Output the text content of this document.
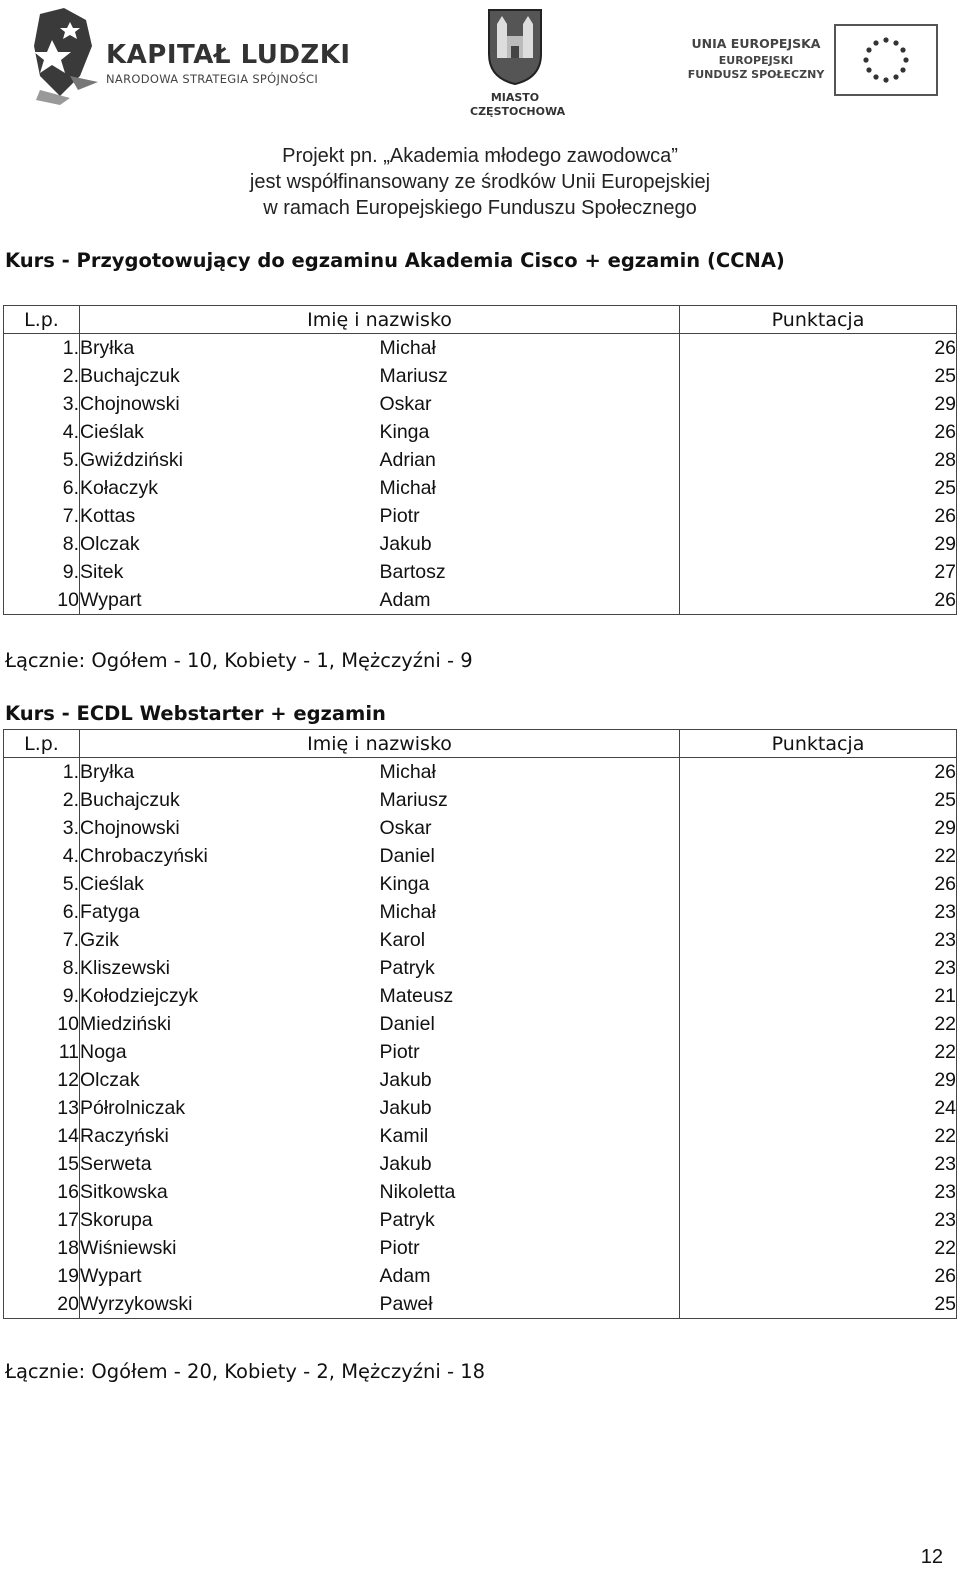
KAPITAŁ LUDZKI
NARODOWA STRATEGIA SPÓJNOŚCI
MIASTO
CZĘSTOCHOWA
UNIA EUROPEJSKA
EUROPEJSKI
FUNDUSZ SPOŁECZNY
Projekt pn. „Akademia młodego zawodowca”
jest współfinansowany ze środków Unii Europejskiej
w ramach Europejskiego Funduszu Społecznego
Kurs - Przygotowujący do egzaminu Akademia Cisco + egzamin (CCNA)
L.p.	Imię i nazwisko		Punktacja
1.	Bryłka	Michał	26
2.	Buchajczuk	Mariusz	25
3.	Chojnowski	Oskar	29
4.	Cieślak	Kinga	26
5.	Gwiździński	Adrian	28
6.	Kołaczyk	Michał	25
7.	Kottas	Piotr	26
8.	Olczak	Jakub	29
9.	Sitek	Bartosz	27
10	Wypart	Adam	26
Łącznie: Ogółem - 10, Kobiety - 1, Mężczyźni - 9
Kurs - ECDL Webstarter + egzamin
L.p.	Imię i nazwisko		Punktacja
1.	Bryłka	Michał	26
2.	Buchajczuk	Mariusz	25
3.	Chojnowski	Oskar	29
4.	Chrobaczyński	Daniel	22
5.	Cieślak	Kinga	26
6.	Fatyga	Michał	23
7.	Gzik	Karol	23
8.	Kliszewski	Patryk	23
9.	Kołodziejczyk	Mateusz	21
10	Miedziński	Daniel	22
11	Noga	Piotr	22
12	Olczak	Jakub	29
13	Półrolniczak	Jakub	24
14	Raczyński	Kamil	22
15	Serweta	Jakub	23
16	Sitkowska	Nikoletta	23
17	Skorupa	Patryk	23
18	Wiśniewski	Piotr	22
19	Wypart	Adam	26
20	Wyrzykowski	Paweł	25
Łącznie: Ogółem - 20, Kobiety - 2, Mężczyźni - 18
12
